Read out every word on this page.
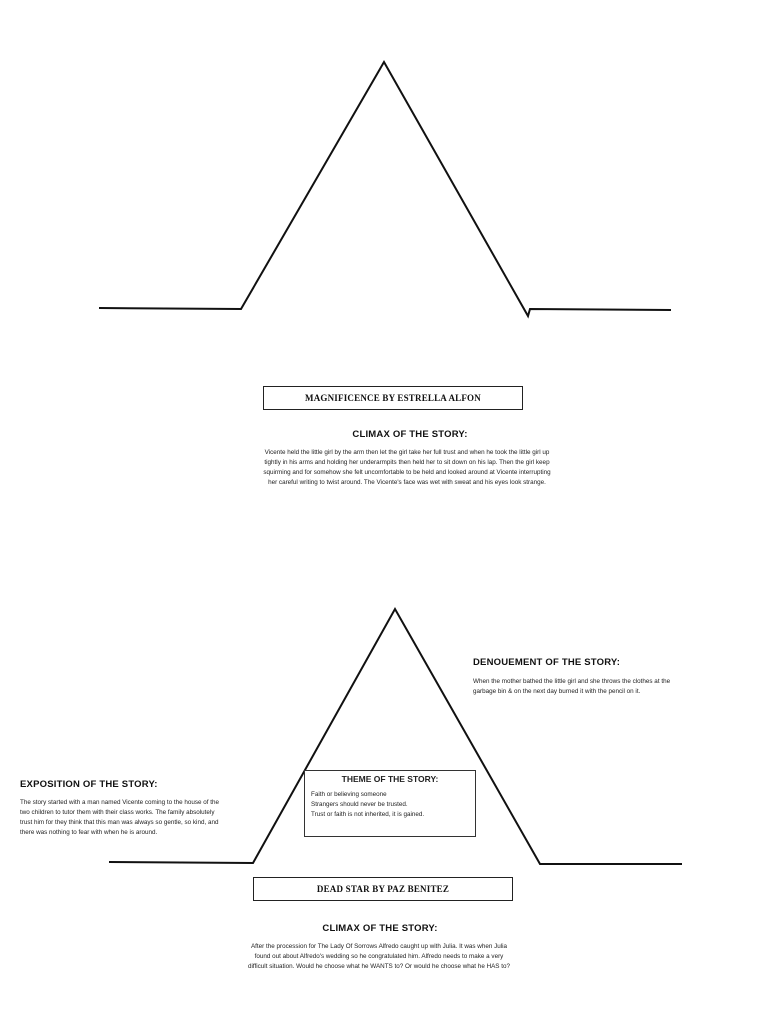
MAGNIFICENCE BY ESTRELLA ALFON
CLIMAX OF THE STORY:
Vicente held the little girl by the arm then let the girl take her full trust and when he took the little girl up
tightly in his arms and holding her underarmpits then held her to sit down on his lap. Then the girl keep
squirming and for somehow she felt uncomfortable to be held and looked around at Vicente interrupting
her careful writing to twist around. The Vicente's face was wet with sweat and his eyes look strange.
DENOUEMENT OF THE STORY:
When the mother bathed the little girl and she throws the clothes at the
garbage bin & on the next day burned it with the pencil on it.
EXPOSITION OF THE STORY:
The story started with a man named Vicente coming to the house of the
two children to tutor them with their class works. The family absolutely
trust him for they think that this man was always so gentle, so kind, and
there was nothing to fear with when he is around.
THEME OF THE STORY:
Faith or believing someone
Strangers should never be trusted.
Trust or faith is not inherited, it is gained.
DEAD STAR BY PAZ BENITEZ
CLIMAX OF THE STORY:
After the procession for The Lady Of Sorrows Alfredo caught up with Julia. It was when Julia
found out about Alfredo's wedding so he congratulated him. Alfredo needs to make a very
difficult situation. Would he choose what he WANTS to? Or would he choose what he HAS to?
